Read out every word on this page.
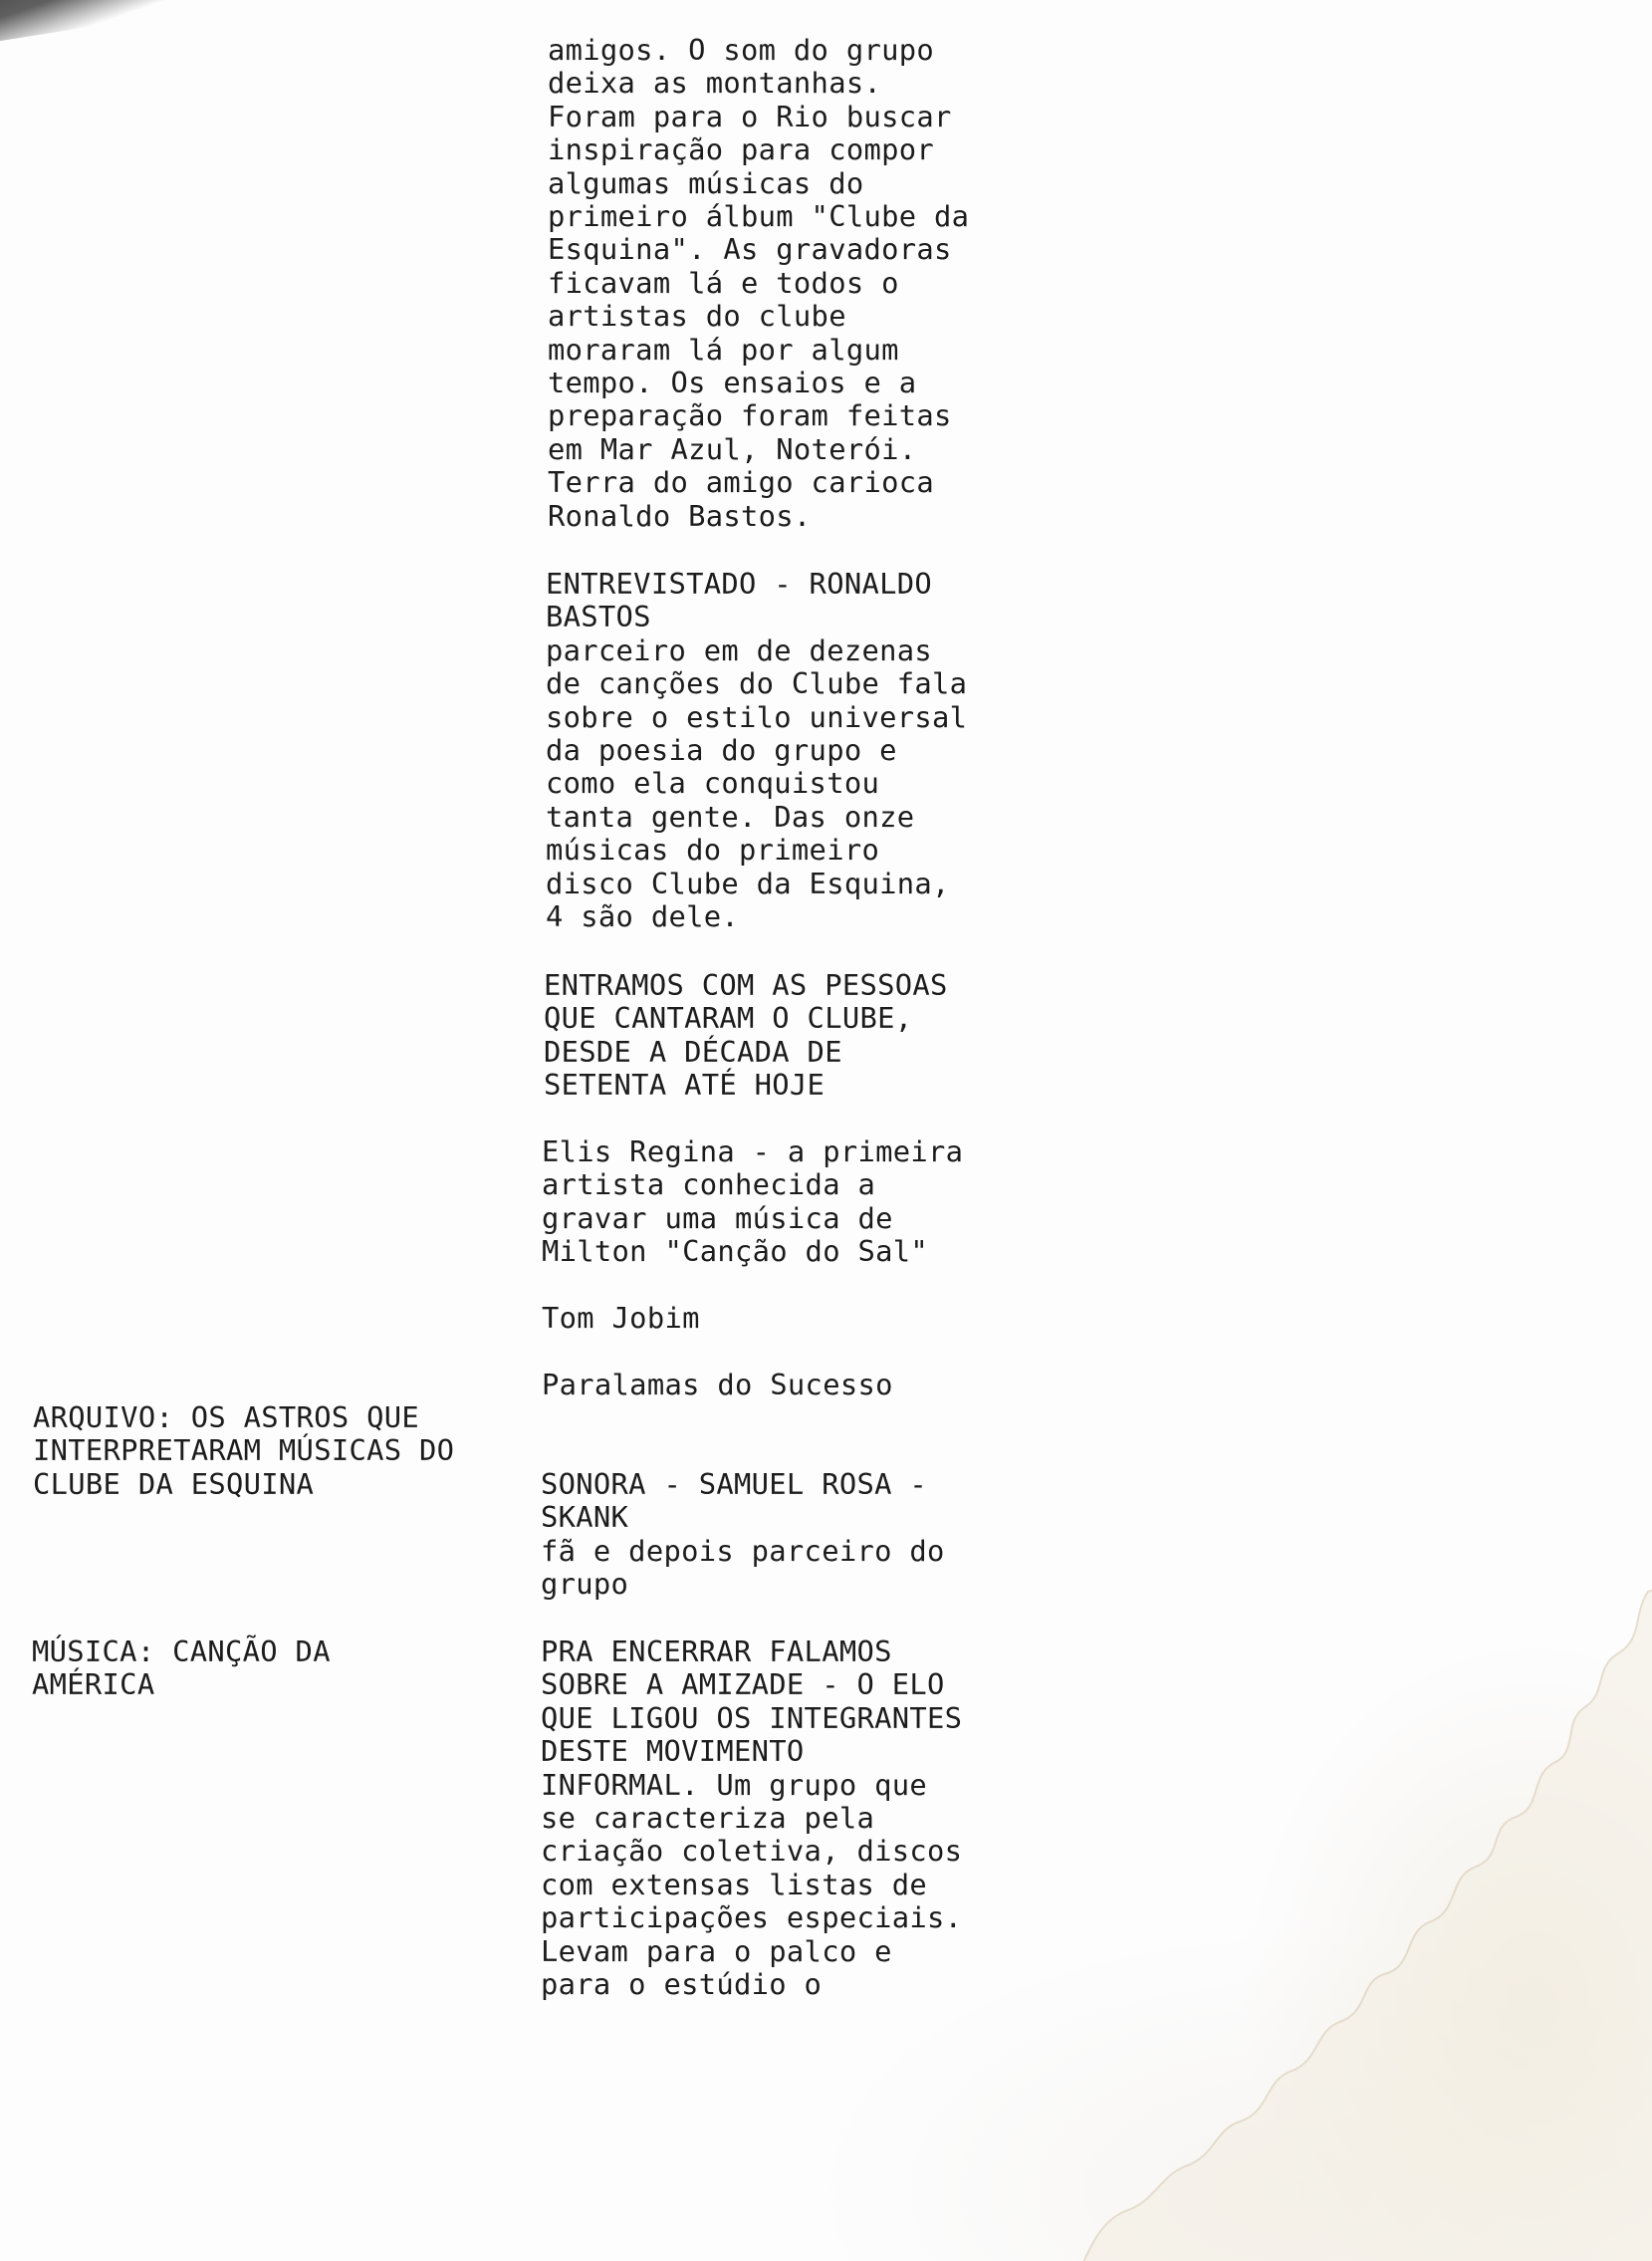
amigos. O som do grupo
deixa as montanhas.
Foram para o Rio buscar
inspiração para compor
algumas músicas do
primeiro álbum "Clube da
Esquina". As gravadoras
ficavam lá e todos o
artistas do clube
moraram lá por algum
tempo. Os ensaios e a
preparação foram feitas
em Mar Azul, Noterói.
Terra do amigo carioca
Ronaldo Bastos.
ENTREVISTADO - RONALDO
BASTOS
parceiro em de dezenas
de canções do Clube fala
sobre o estilo universal
da poesia do grupo e
como ela conquistou
tanta gente. Das onze
músicas do primeiro
disco Clube da Esquina,
4 são dele.
ENTRAMOS COM AS PESSOAS
QUE CANTARAM O CLUBE,
DESDE A DÉCADA DE
SETENTA ATÉ HOJE
Elis Regina - a primeira
artista conhecida a
gravar uma música de
Milton "Canção do Sal"
Tom Jobim
Paralamas do Sucesso
SONORA - SAMUEL ROSA -
SKANK
fã e depois parceiro do
grupo
PRA ENCERRAR FALAMOS
SOBRE A AMIZADE - O ELO
QUE LIGOU OS INTEGRANTES
DESTE MOVIMENTO
INFORMAL. Um grupo que
se caracteriza pela
criação coletiva, discos
com extensas listas de
participações especiais.
Levam para o palco e
para o estúdio o
ARQUIVO: OS ASTROS QUE
INTERPRETARAM MÚSICAS DO
CLUBE DA ESQUINA
MÚSICA: CANÇÃO DA
AMÉRICA
